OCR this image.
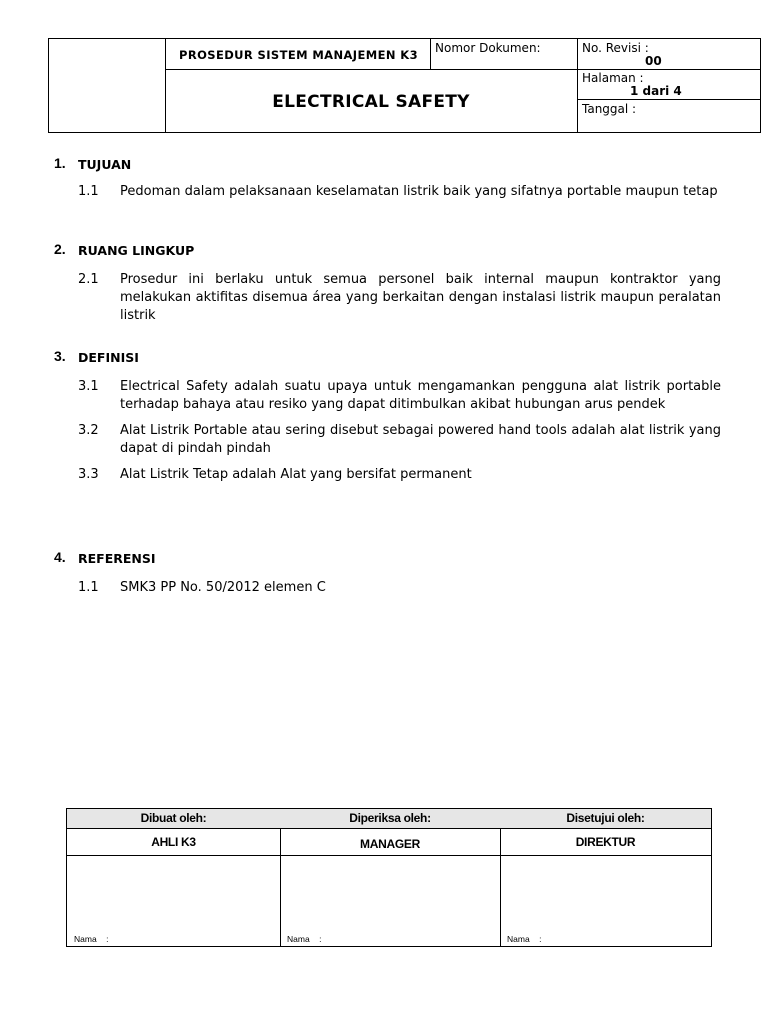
PROSEDUR SISTEM MANAJEMEN K3 Nomor Dokumen:
ELECTRICAL SAFETY
No. Revisi :
00
Halaman :
1 dari 4
Tanggal :
1. TUJUAN
1.1 Pedoman dalam pelaksanaan keselamatan listrik baik yang sifatnya portable maupun tetap
2. RUANG LINGKUP
2.1 Prosedur ini berlaku untuk semua personel baik internal maupun kontraktor yang melakukan aktifitas disemua área yang berkaitan dengan instalasi listrik maupun peralatan listrik
3. DEFINISI
3.1 Electrical Safety adalah suatu upaya untuk mengamankan pengguna alat listrik portable terhadap bahaya atau resiko yang dapat ditimbulkan akibat hubungan arus pendek
3.2 Alat Listrik Portable atau sering disebut sebagai powered hand tools adalah alat listrik yang dapat di pindah pindah
3.3 Alat Listrik Tetap adalah Alat yang bersifat permanent
4. REFERENSI
1.1 SMK3 PP No. 50/2012 elemen C
Dibuat oleh:	Diperiksa oleh:	Disetujui oleh:
AHLI K3	MANAGER	DIREKTUR
Nama    :	Nama    :	Nama    :
